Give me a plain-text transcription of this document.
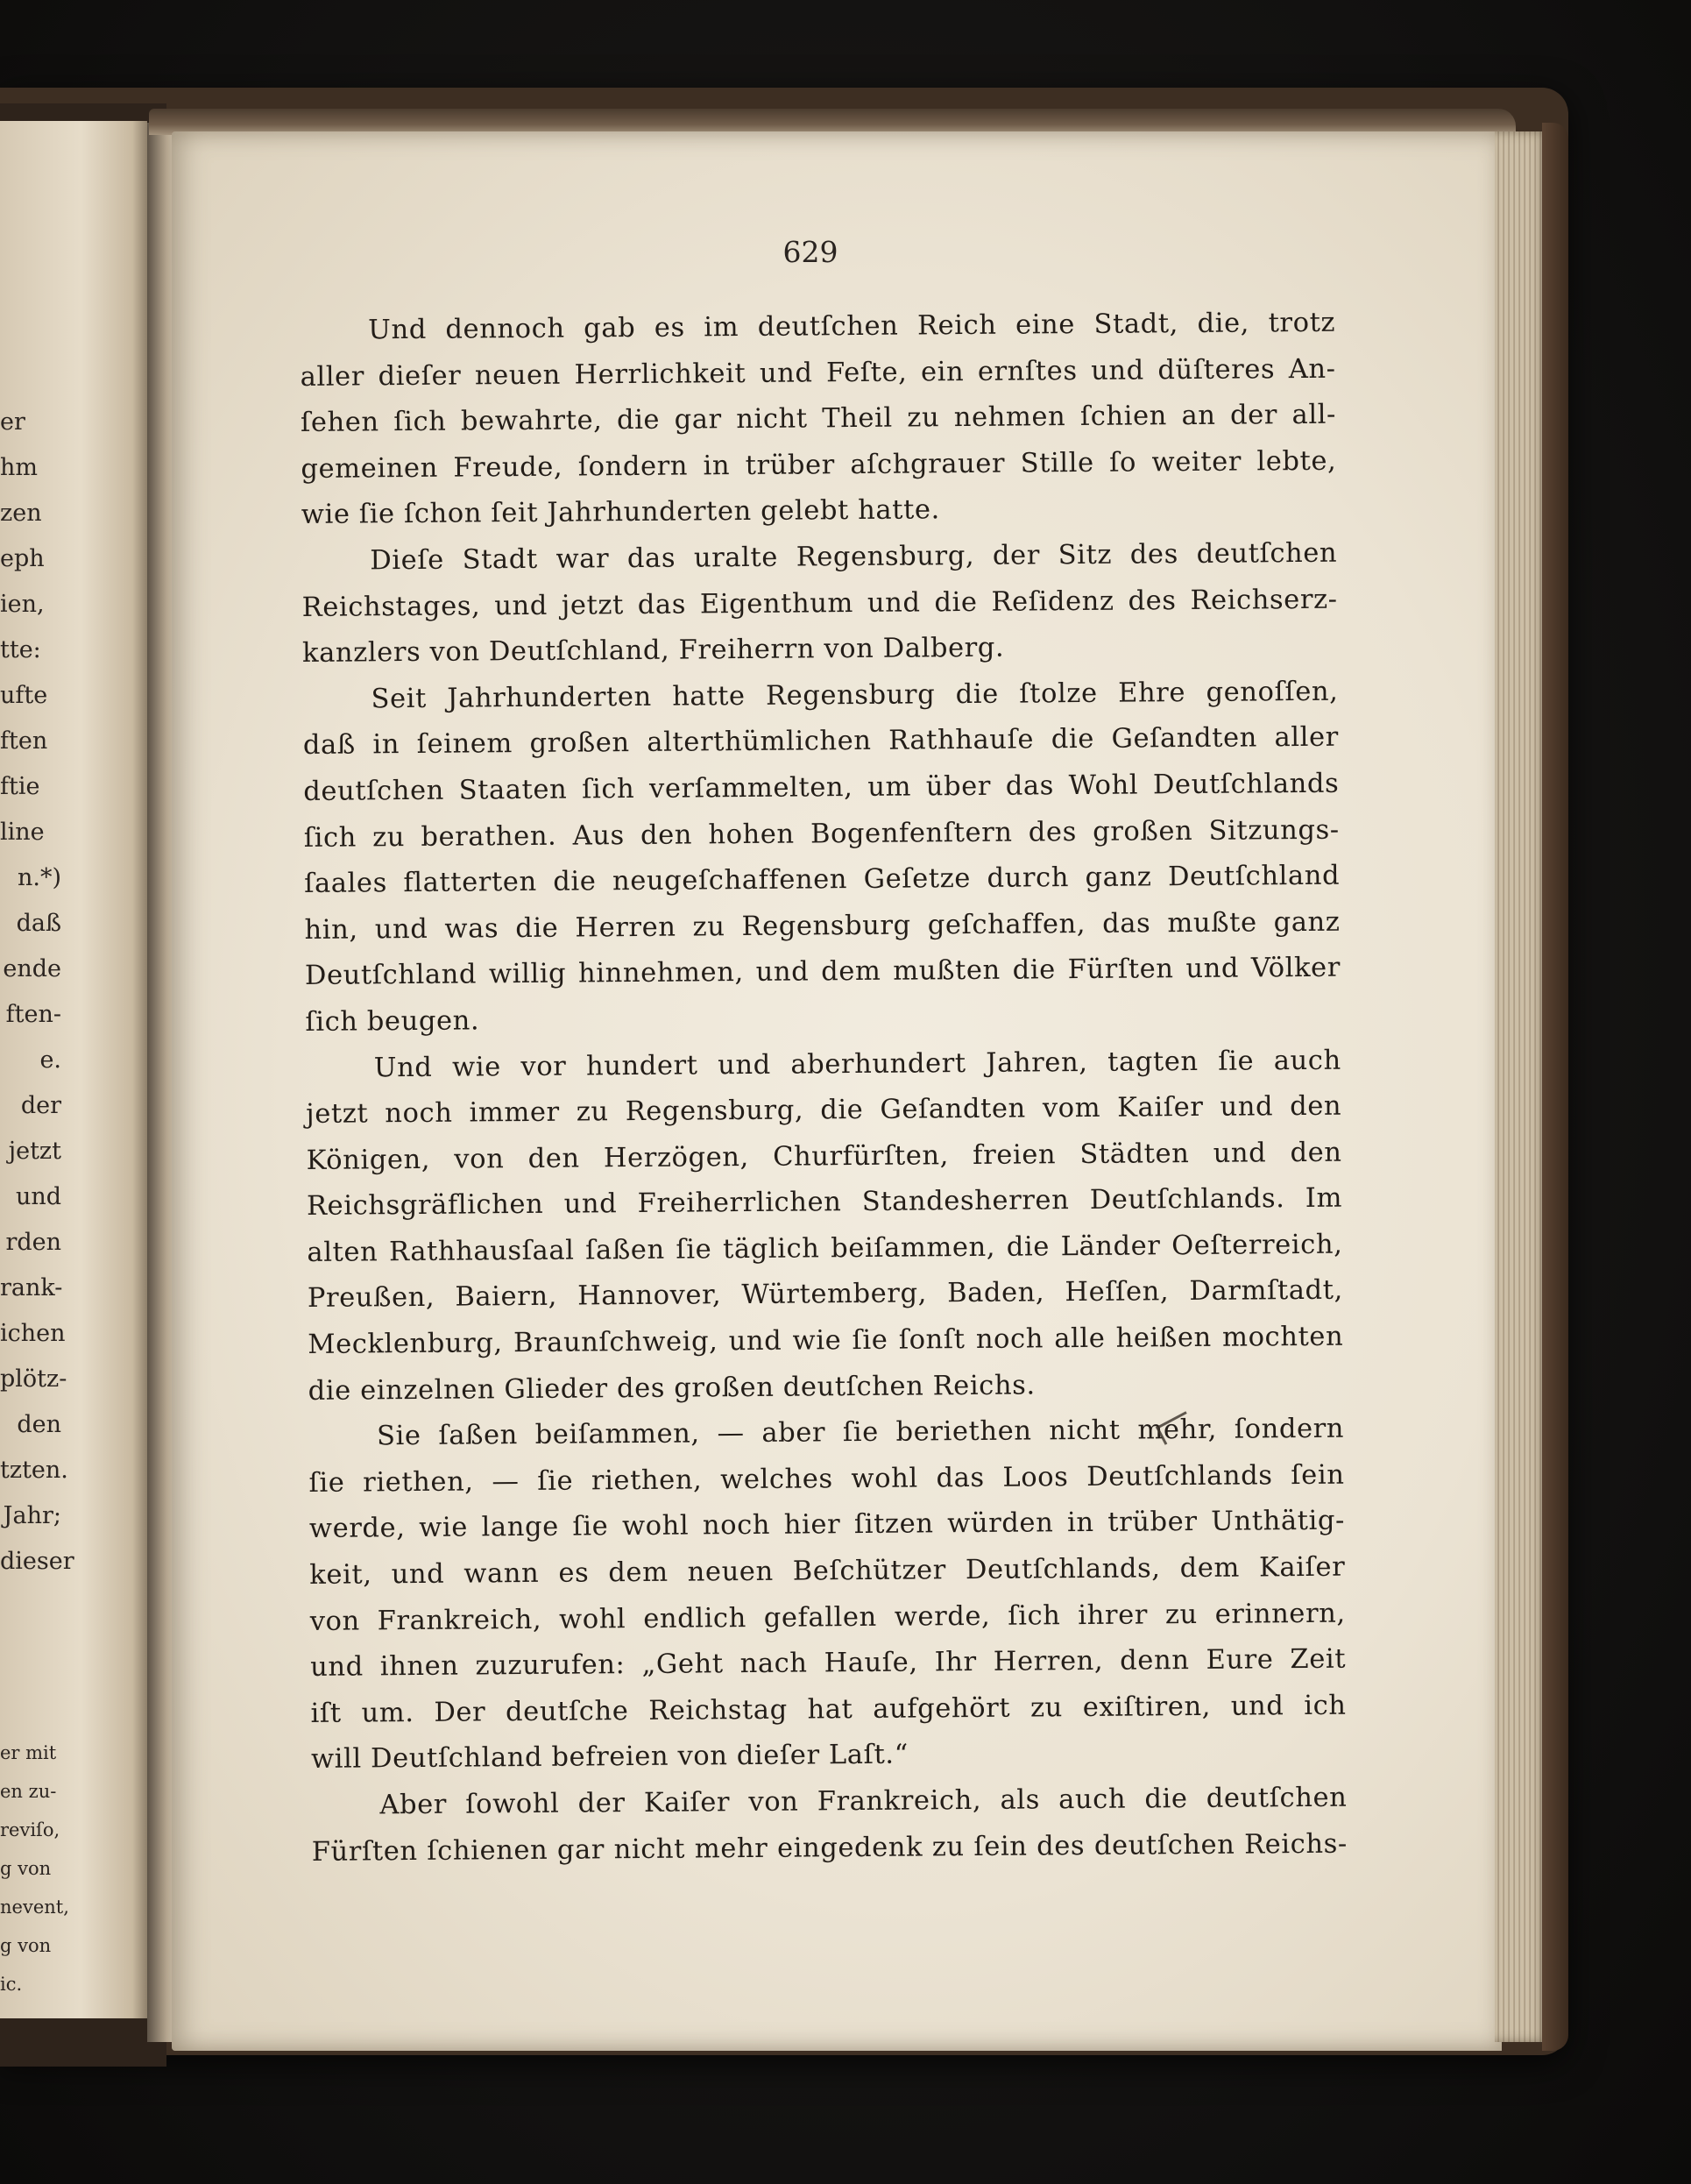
er
hm
zen
eph
ien,
tte:
ufte
ften
ftie
line
n.*)
daß
ende
ften-
e.
der
jetzt
und
rden
rank-
ichen
plötz-
den
tzten.
Jahr;
dieser
er mit
en zu-
reviſo,
g von
nevent,
g von
ic.
629
Und dennoch gab es im deutſchen Reich eine Stadt, die, trotz
aller dieſer neuen Herrlichkeit und Feſte, ein ernſtes und düſteres An-
ſehen ſich bewahrte, die gar nicht Theil zu nehmen ſchien an der all-
gemeinen Freude, ſondern in trüber aſchgrauer Stille ſo weiter lebte,
wie ſie ſchon ſeit Jahrhunderten gelebt hatte.
Dieſe Stadt war das uralte Regensburg, der Sitz des deutſchen
Reichstages, und jetzt das Eigenthum und die Reſidenz des Reichserz-
kanzlers von Deutſchland, Freiherrn von Dalberg.
Seit Jahrhunderten hatte Regensburg die ſtolze Ehre genoſſen,
daß in ſeinem großen alterthümlichen Rathhauſe die Geſandten aller
deutſchen Staaten ſich verſammelten, um über das Wohl Deutſchlands
ſich zu berathen. Aus den hohen Bogenfenſtern des großen Sitzungs-
ſaales flatterten die neugeſchaffenen Geſetze durch ganz Deutſchland
hin, und was die Herren zu Regensburg geſchaffen, das mußte ganz
Deutſchland willig hinnehmen, und dem mußten die Fürſten und Völker
ſich beugen.
Und wie vor hundert und aberhundert Jahren, tagten ſie auch
jetzt noch immer zu Regensburg, die Geſandten vom Kaiſer und den
Königen, von den Herzögen, Churfürſten, freien Städten und den
Reichsgräflichen und Freiherrlichen Standesherren Deutſchlands. Im
alten Rathhausſaal ſaßen ſie täglich beiſammen, die Länder Oeſterreich,
Preußen, Baiern, Hannover, Würtemberg, Baden, Heſſen, Darmſtadt,
Mecklenburg, Braunſchweig, und wie ſie ſonſt noch alle heißen mochten
die einzelnen Glieder des großen deutſchen Reichs.
Sie ſaßen beiſammen, — aber ſie beriethen nicht mehr, ſondern
ſie riethen, — ſie riethen, welches wohl das Loos Deutſchlands ſein
werde, wie lange ſie wohl noch hier ſitzen würden in trüber Unthätig-
keit, und wann es dem neuen Beſchützer Deutſchlands, dem Kaiſer
von Frankreich, wohl endlich gefallen werde, ſich ihrer zu erinnern,
und ihnen zuzurufen: „Geht nach Hauſe, Ihr Herren, denn Eure Zeit
iſt um. Der deutſche Reichstag hat aufgehört zu exiſtiren, und ich
will Deutſchland befreien von dieſer Laſt.“
Aber ſowohl der Kaiſer von Frankreich, als auch die deutſchen
Fürſten ſchienen gar nicht mehr eingedenk zu ſein des deutſchen Reichs-
